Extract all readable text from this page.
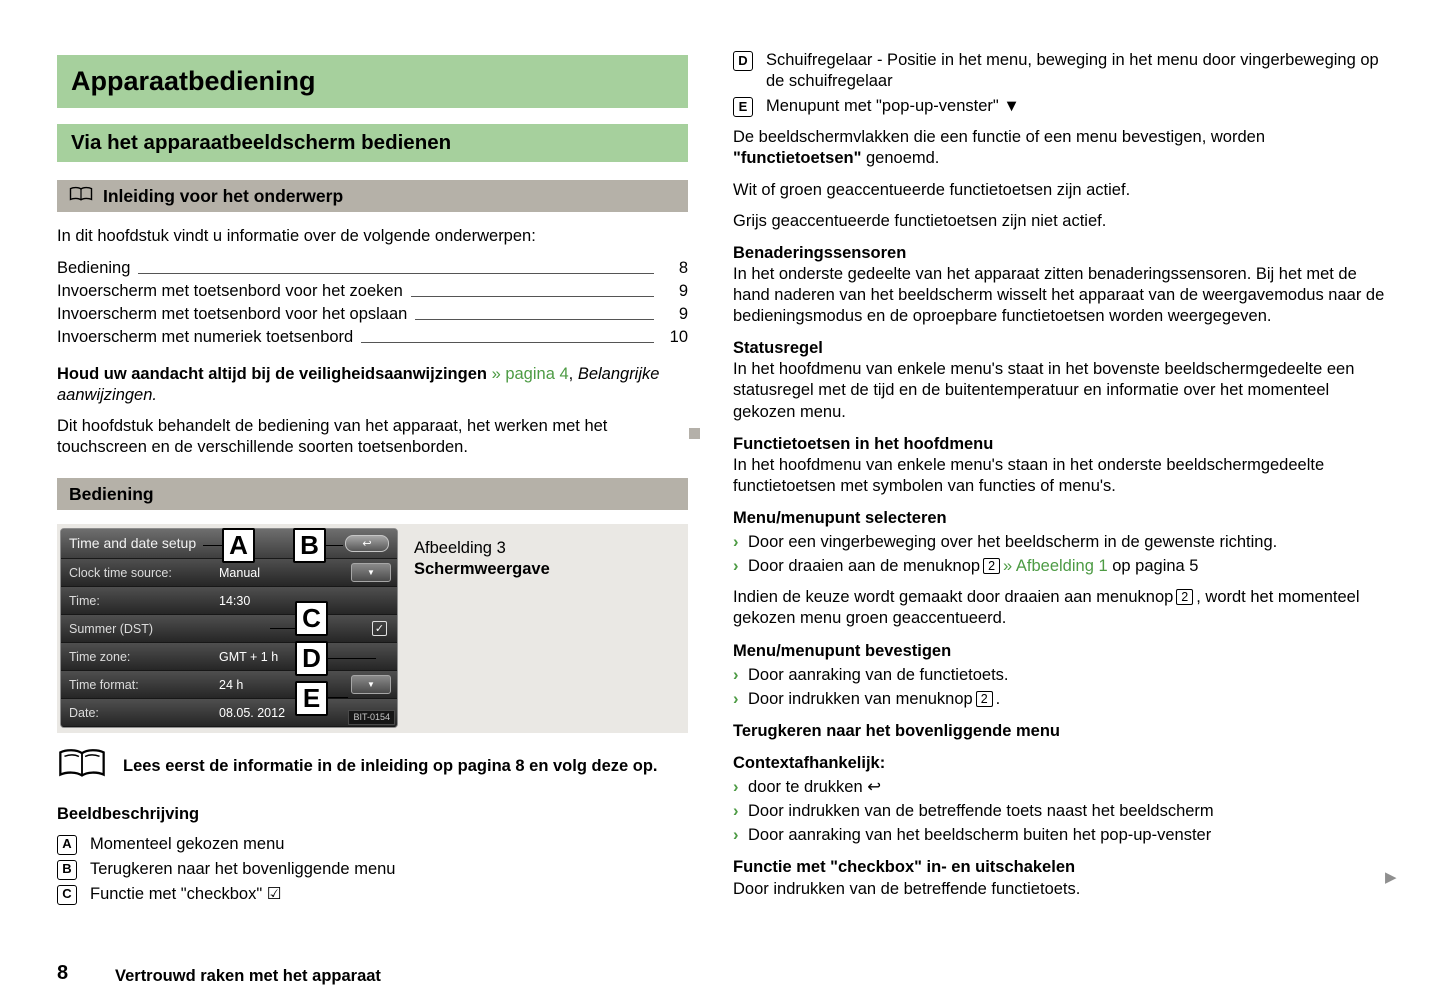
Apparaatbediening
Via het apparaatbeeldscherm bedienen
Inleiding voor het onderwerp
In dit hoofdstuk vindt u informatie over de volgende onderwerpen:
Bediening	8
Invoerscherm met toetsenbord voor het zoeken	9
Invoerscherm met toetsenbord voor het opslaan	9
Invoerscherm met numeriek toetsenbord	10
Houd uw aandacht altijd bij de veiligheidsaanwijzingen » pagina 4, Belangrijke aanwijzingen.
Dit hoofdstuk behandelt de bediening van het apparaat, het werken met het touchscreen en de verschillende soorten toetsenborden.
Bediening
Time and date setup	↩
Clock time source:	Manual	▼
Time:	14:30
Summer (DST)	✓
Time zone:	GMT + 1 h
Time format:	24 h	▼
Date:	08.05. 2012	BIT-0154
A B
C
D
E
Afbeelding 3
Schermweergave
Lees eerst de informatie in de inleiding op pagina 8 en volg deze op.
Beeldbeschrijving
A	Momenteel gekozen menu
B	Terugkeren naar het bovenliggende menu
C	Functie met "checkbox" ☑
D	Schuifregelaar - Positie in het menu, beweging in het menu door vingerbeweging op de schuifregelaar
E	Menupunt met "pop-up-venster" ▼
De beeldschermvlakken die een functie of een menu bevestigen, worden "functietoetsen" genoemd.
Wit of groen geaccentueerde functietoetsen zijn actief.
Grijs geaccentueerde functietoetsen zijn niet actief.
Benaderingssensoren
In het onderste gedeelte van het apparaat zitten benaderingssensoren. Bij het met de hand naderen van het beeldscherm wisselt het apparaat van de weergavemodus naar de bedieningsmodus en de oproepbare functietoetsen worden weergegeven.
Statusregel
In het hoofdmenu van enkele menu's staat in het bovenste beeldschermgedeelte een statusregel met de tijd en de buitentemperatuur en informatie over het momenteel gekozen menu.
Functietoetsen in het hoofdmenu
In het hoofdmenu van enkele menu's staan in het onderste beeldschermgedeelte functietoetsen met symbolen van functies of menu's.
Menu/menupunt selecteren
› Door een vingerbeweging over het beeldscherm in de gewenste richting.
› Door draaien aan de menuknop 2 » Afbeelding 1 op pagina 5
Indien de keuze wordt gemaakt door draaien aan menuknop 2 , wordt het momenteel gekozen menu groen geaccentueerd.
Menu/menupunt bevestigen
› Door aanraking van de functietoets.
› Door indrukken van menuknop 2 .
Terugkeren naar het bovenliggende menu
Contextafhankelijk:
› door te drukken ↩
› Door indrukken van de betreffende toets naast het beeldscherm
› Door aanraking van het beeldscherm buiten het pop-up-venster
Functie met "checkbox" in- en uitschakelen
Door indrukken van de betreffende functietoets.
▶
8	Vertrouwd raken met het apparaat
